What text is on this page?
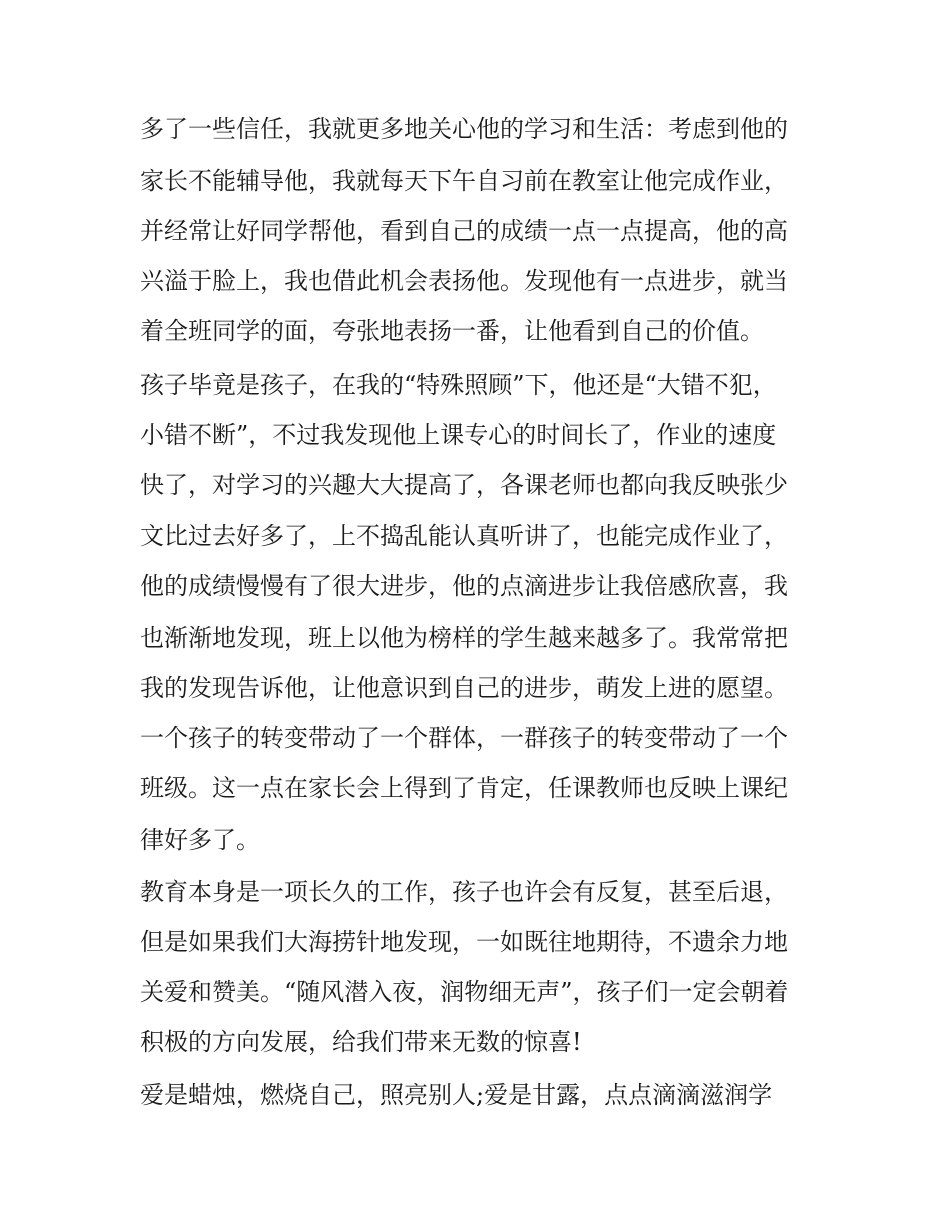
多了一些信任，我就更多地关心他的学习和生活：考虑到他的

家长不能辅导他，我就每天下午自习前在教室让他完成作业，

并经常让好同学帮他，看到自己的成绩一点一点提高，他的高

兴溢于脸上，我也借此机会表扬他。发现他有一点进步，就当

着全班同学的面，夸张地表扬一番，让他看到自己的价值。

孩子毕竟是孩子，在我的“特殊照顾”下，他还是“大错不犯，

小错不断”，不过我发现他上课专心的时间长了，作业的速度

快了，对学习的兴趣大大提高了，各课老师也都向我反映张少

文比过去好多了，上不捣乱能认真听讲了，也能完成作业了，

他的成绩慢慢有了很大进步，他的点滴进步让我倍感欣喜，我

也渐渐地发现，班上以他为榜样的学生越来越多了。我常常把

我的发现告诉他，让他意识到自己的进步，萌发上进的愿望。

一个孩子的转变带动了一个群体，一群孩子的转变带动了一个

班级。这一点在家长会上得到了肯定，任课教师也反映上课纪

律好多了。

教育本身是一项长久的工作，孩子也许会有反复，甚至后退，

但是如果我们大海捞针地发现，一如既往地期待，不遗余力地

关爱和赞美。“随风潜入夜，润物细无声”，孩子们一定会朝着

积极的方向发展，给我们带来无数的惊喜!

爱是蜡烛，燃烧自己，照亮别人;爱是甘露，点点滴滴滋润学
